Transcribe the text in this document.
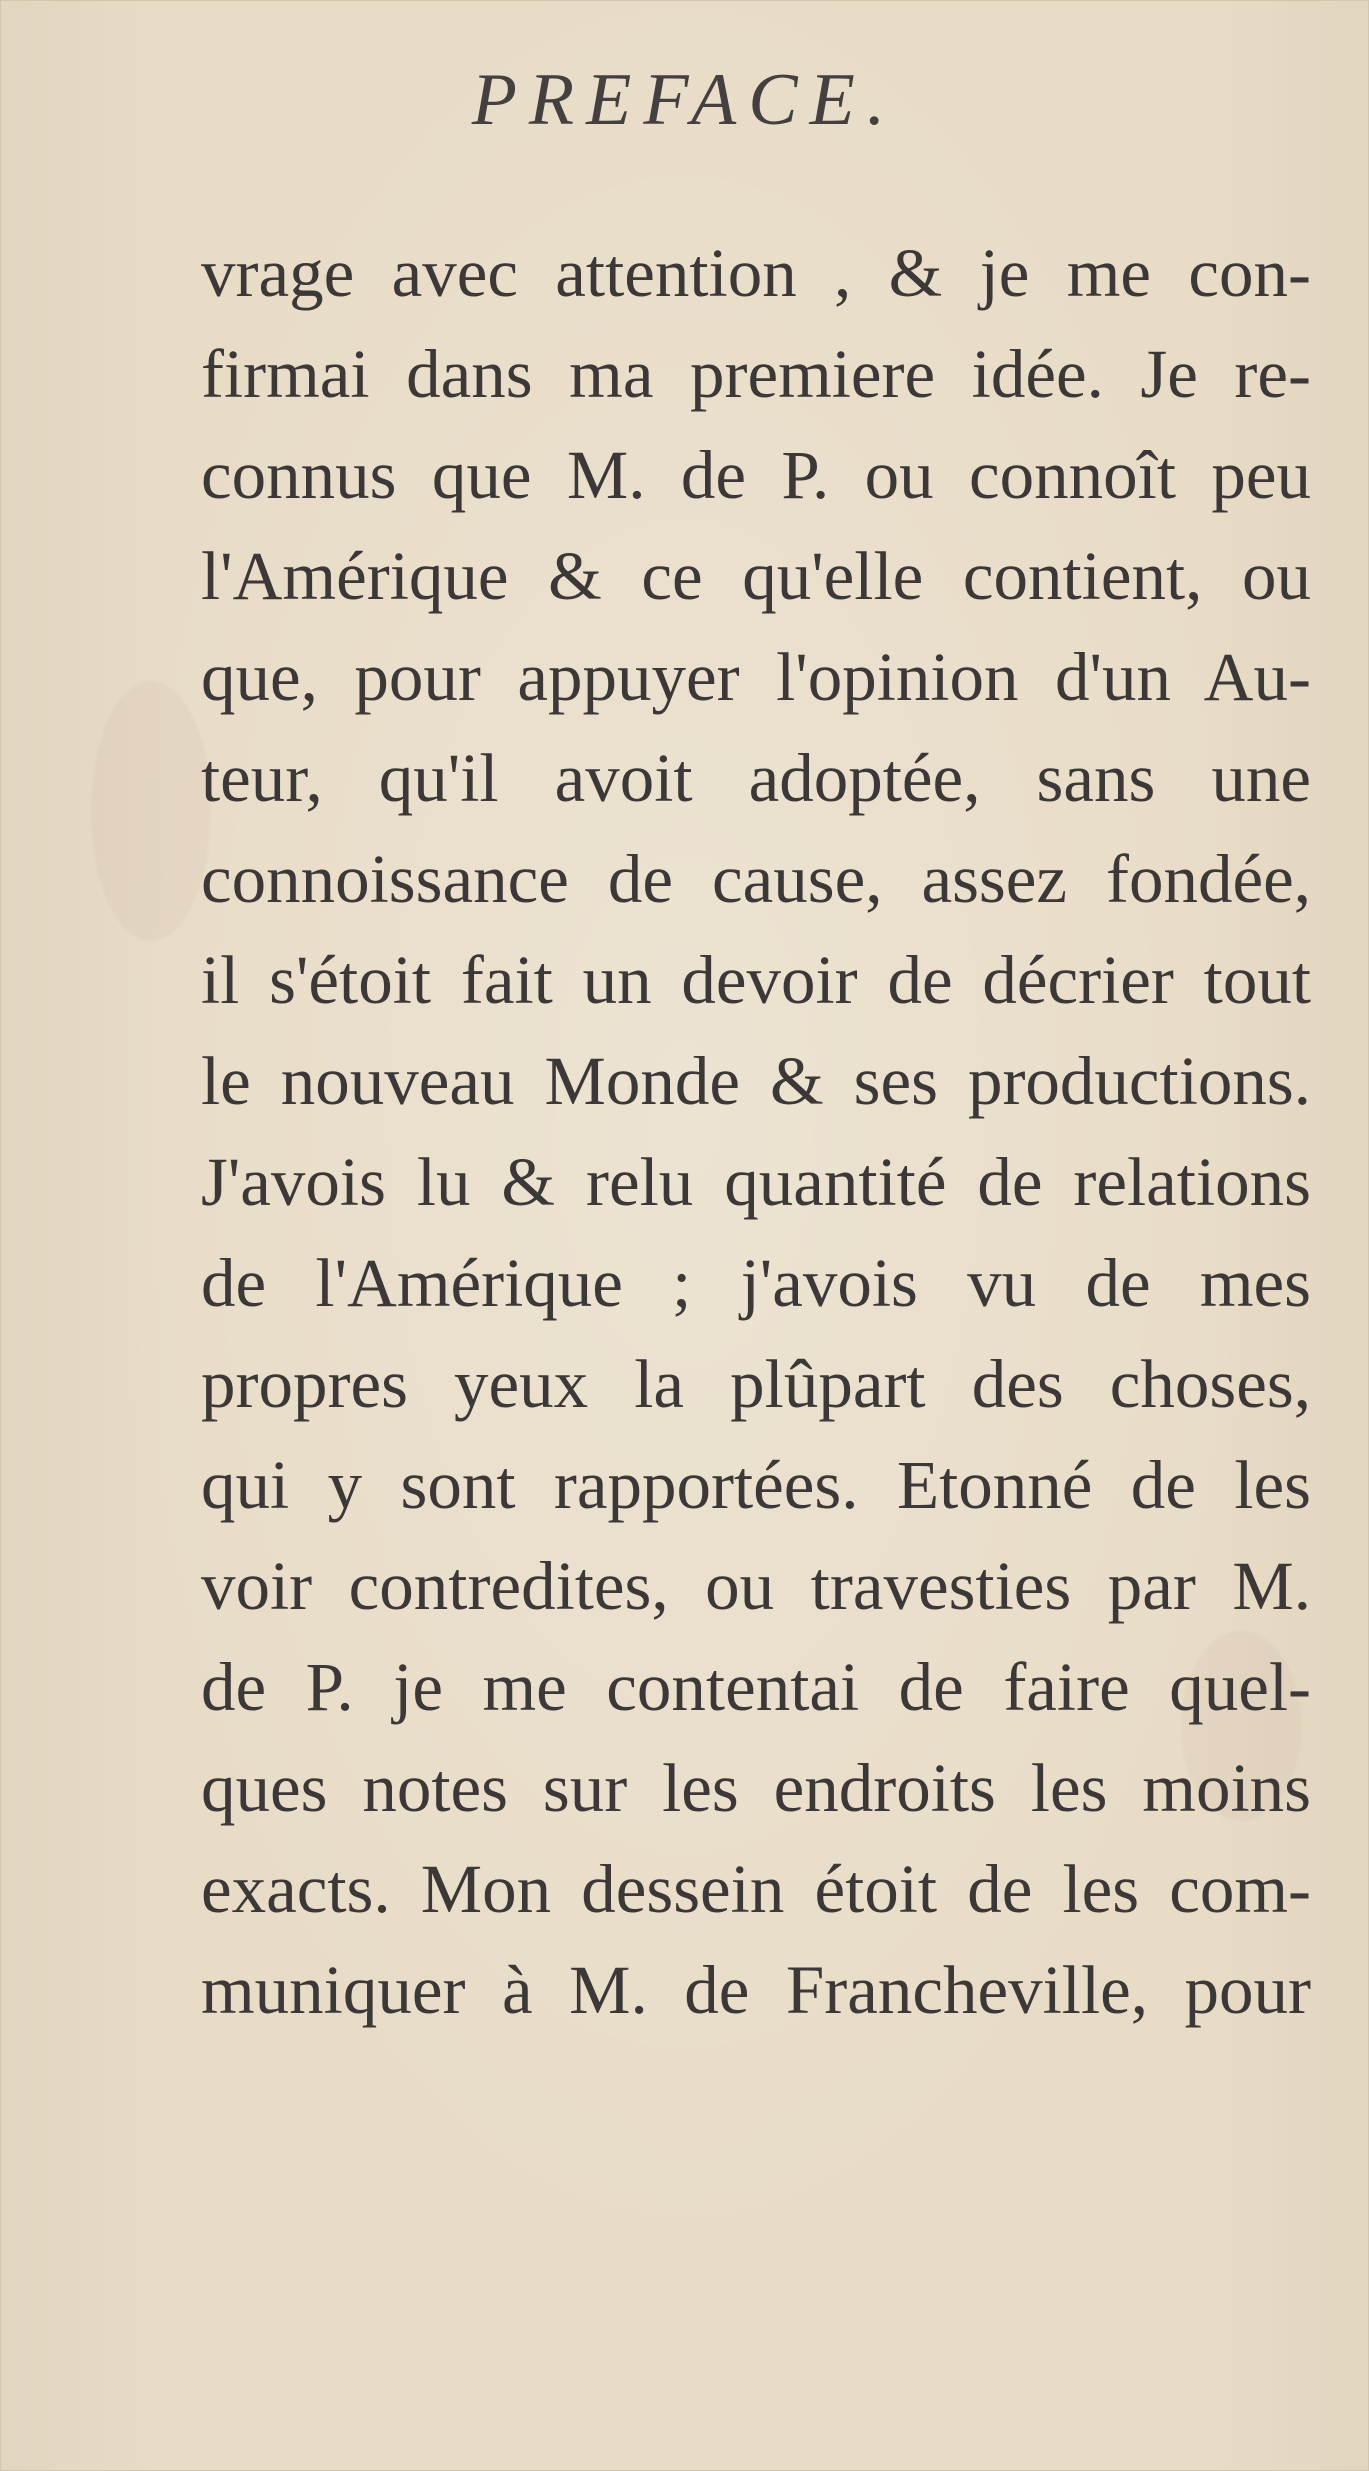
PREFACE.
vrage avec attention , & je me con-
firmai dans ma premiere idée. Je re-
connus que M. de P. ou connoît peu
l'Amérique & ce qu'elle contient, ou
que, pour appuyer l'opinion d'un Au-
teur, qu'il avoit adoptée, sans une
connoissance de cause, assez fondée,
il s'étoit fait un devoir de décrier tout
le nouveau Monde & ses productions.
J'avois lu & relu quantité de relations
de l'Amérique ; j'avois vu de mes
propres yeux la plûpart des choses,
qui y sont rapportées. Etonné de les
voir contredites, ou travesties par M.
de P. je me contentai de faire quel-
ques notes sur les endroits les moins
exacts. Mon dessein étoit de les com-
muniquer à M. de Francheville, pour
